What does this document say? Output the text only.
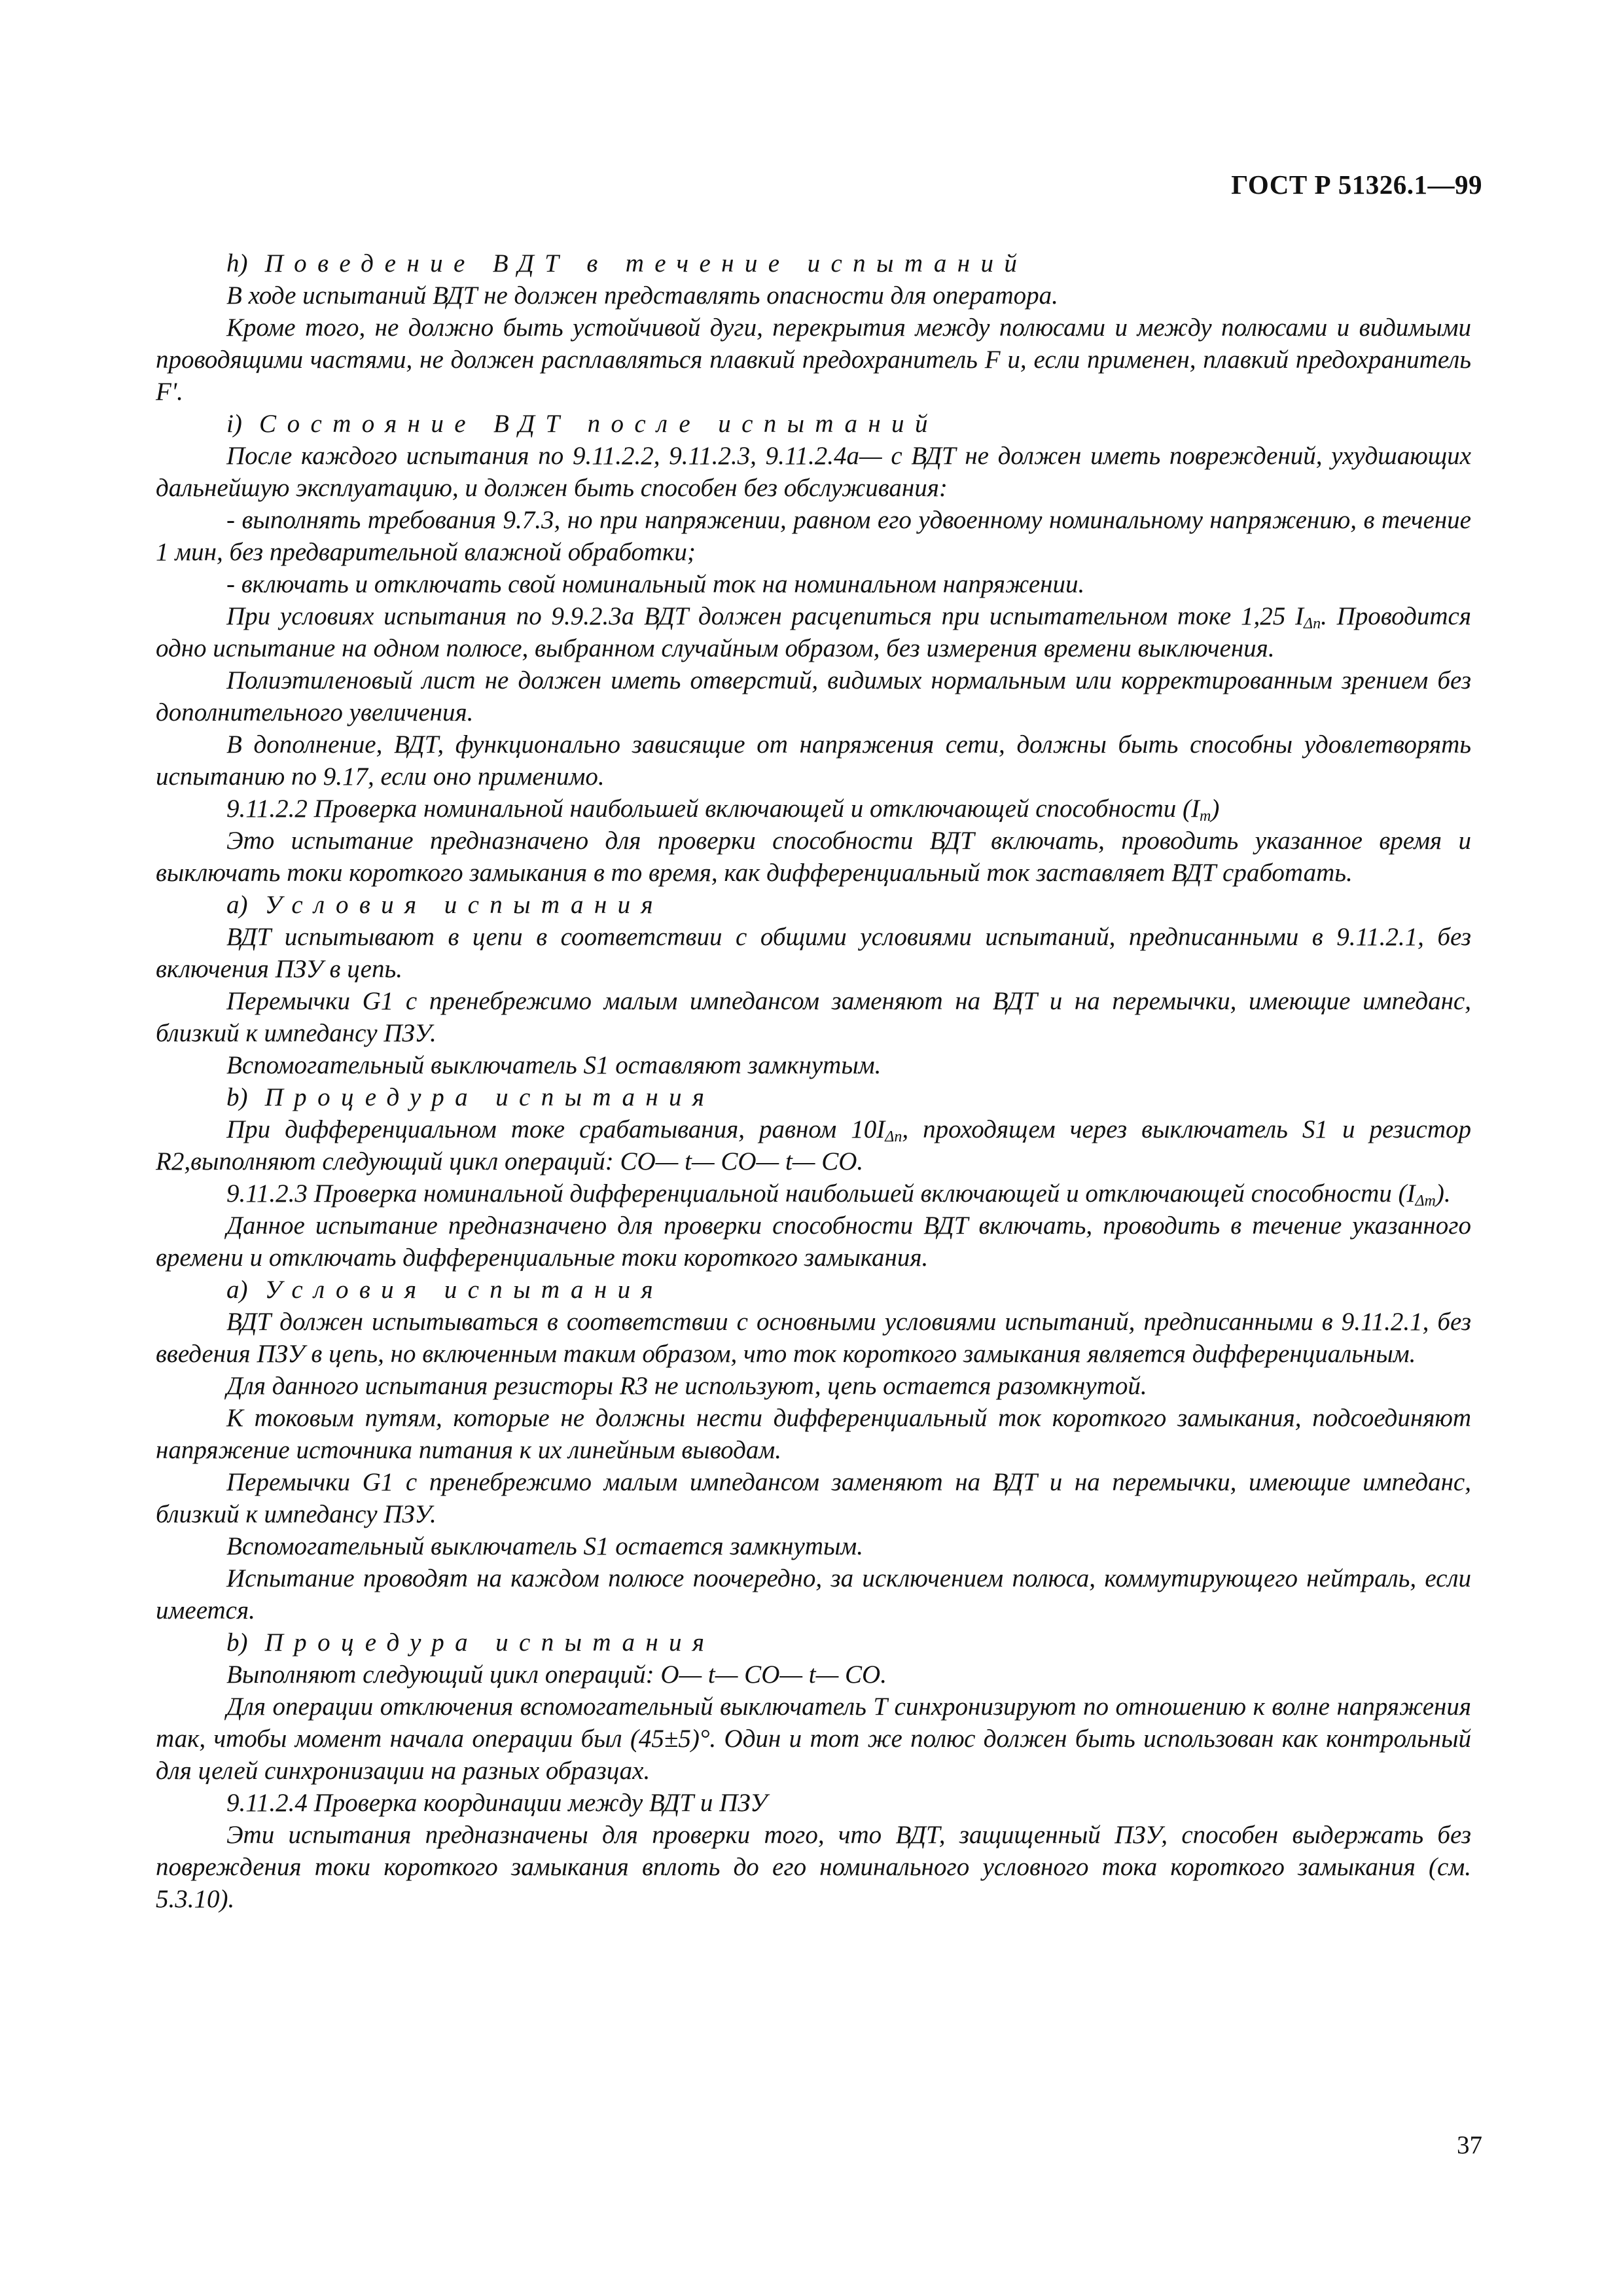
ГОСТ Р 51326.1—99

h) Поведение ВДТ в течение испытаний

В ходе испытаний ВДТ не должен представлять опасности для оператора.

Кроме того, не должно быть устойчивой дуги, перекрытия между полюсами и между полюсами и видимыми проводящими частями, не должен расплавляться плавкий предохранитель F и, если применен, плавкий предохранитель F'.

i) Состояние ВДТ после испытаний

После каждого испытания по 9.11.2.2, 9.11.2.3, 9.11.2.4а— с ВДТ не должен иметь повреждений, ухудшающих дальнейшую эксплуатацию, и должен быть способен без обслуживания:

- выполнять требования 9.7.3, но при напряжении, равном его удвоенному номинальному напряжению, в течение 1 мин, без предварительной влажной обработки;

- включать и отключать свой номинальный ток на номинальном напряжении.

При условиях испытания по 9.9.2.3а ВДТ должен расцепиться при испытательном токе 1,25 $I_{\Delta n}$. Проводится одно испытание на одном полюсе, выбранном случайным образом, без измерения времени выключения.

Полиэтиленовый лист не должен иметь отверстий, видимых нормальным или корректированным зрением без дополнительного увеличения.

В дополнение, ВДТ, функционально зависящие от напряжения сети, должны быть способны удовлетворять испытанию по 9.17, если оно применимо.

9.11.2.2 Проверка номинальной наибольшей включающей и отключающей способности $(I_m)$

Это испытание предназначено для проверки способности ВДТ включать, проводить указанное время и выключать токи короткого замыкания в то время, как дифференциальный ток заставляет ВДТ сработать.

a) Условия испытания

ВДТ испытывают в цепи в соответствии с общими условиями испытаний, предписанными в 9.11.2.1, без включения ПЗУ в цепь.

Перемычки G1 с пренебрежимо малым импедансом заменяют на ВДТ и на перемычки, имеющие импеданс, близкий к импедансу ПЗУ.

Вспомогательный выключатель S1 оставляют замкнутым.

b) Процедура испытания

При дифференциальном токе срабатывания, равном $10I_{\Delta n}$, проходящем через выключатель S1 и резистор R2,выполняют следующий цикл операций: СО— t— СО— t— СО.

9.11.2.3 Проверка номинальной дифференциальной наибольшей включающей и отключающей способности $(I_{\Delta m})$.

Данное испытание предназначено для проверки способности ВДТ включать, проводить в течение указанного времени и отключать дифференциальные токи короткого замыкания.

a) Условия испытания

ВДТ должен испытываться в соответствии с основными условиями испытаний, предписанными в 9.11.2.1, без введения ПЗУ в цепь, но включенным таким образом, что ток короткого замыкания является дифференциальным.

Для данного испытания резисторы R3 не используют, цепь остается разомкнутой.

К токовым путям, которые не должны нести дифференциальный ток короткого замыкания, подсоединяют напряжение источника питания к их линейным выводам.

Перемычки G1 с пренебрежимо малым импедансом заменяют на ВДТ и на перемычки, имеющие импеданс, близкий к импедансу ПЗУ.

Вспомогательный выключатель S1 остается замкнутым.

Испытание проводят на каждом полюсе поочередно, за исключением полюса, коммутирующего нейтраль, если имеется.

b) Процедура испытания

Выполняют следующий цикл операций: О— t— СО— t— СО.

Для операции отключения вспомогательный выключатель Т синхронизируют по отношению к волне напряжения так, чтобы момент начала операции был (45±5)°. Один и тот же полюс должен быть использован как контрольный для целей синхронизации на разных образцах.

9.11.2.4 Проверка координации между ВДТ и ПЗУ

Эти испытания предназначены для проверки того, что ВДТ, защищенный ПЗУ, способен выдержать без повреждения токи короткого замыкания вплоть до его номинального условного тока короткого замыкания (см. 5.3.10).

37
